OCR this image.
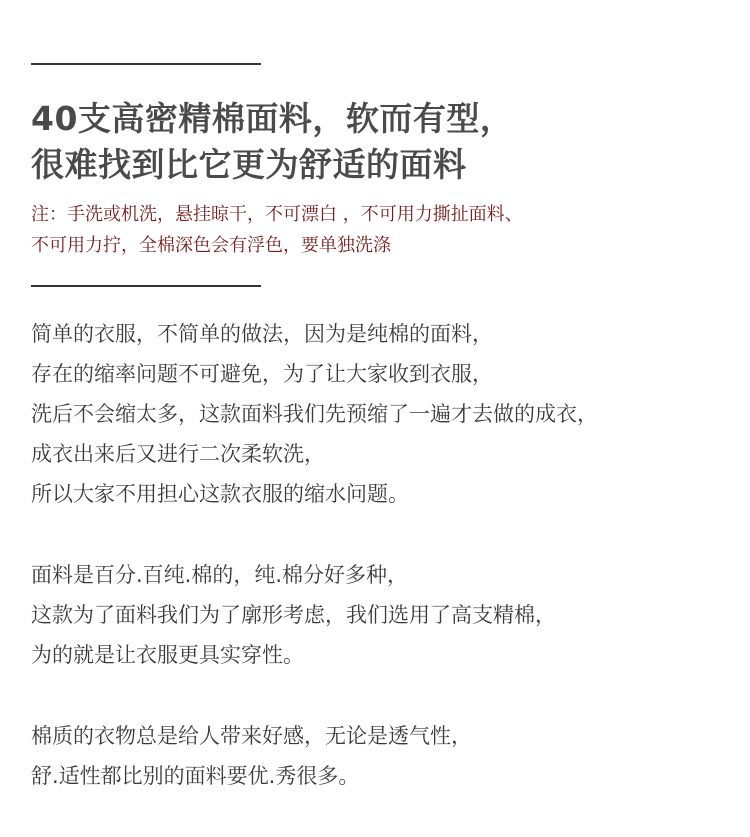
40支高密精棉面料，软而有型，
很难找到比它更为舒适的面料

注：手洗或机洗，悬挂晾干，不可漂白 ，不可用力撕扯面料、
不可用力拧，全棉深色会有浮色，要单独洗涤

简单的衣服，不简单的做法，因为是纯棉的面料，
存在的缩率问题不可避免，为了让大家收到衣服，
洗后不会缩太多，这款面料我们先预缩了一遍才去做的成衣，
成衣出来后又进行二次柔软洗，
所以大家不用担心这款衣服的缩水问题。
面料是百分.百纯.棉的，纯.棉分好多种，
这款为了面料我们为了廓形考虑，我们选用了高支精棉，
为的就是让衣服更具实穿性。
棉质的衣物总是给人带来好感，无论是透气性，
舒.适性都比别的面料要优.秀很多。
